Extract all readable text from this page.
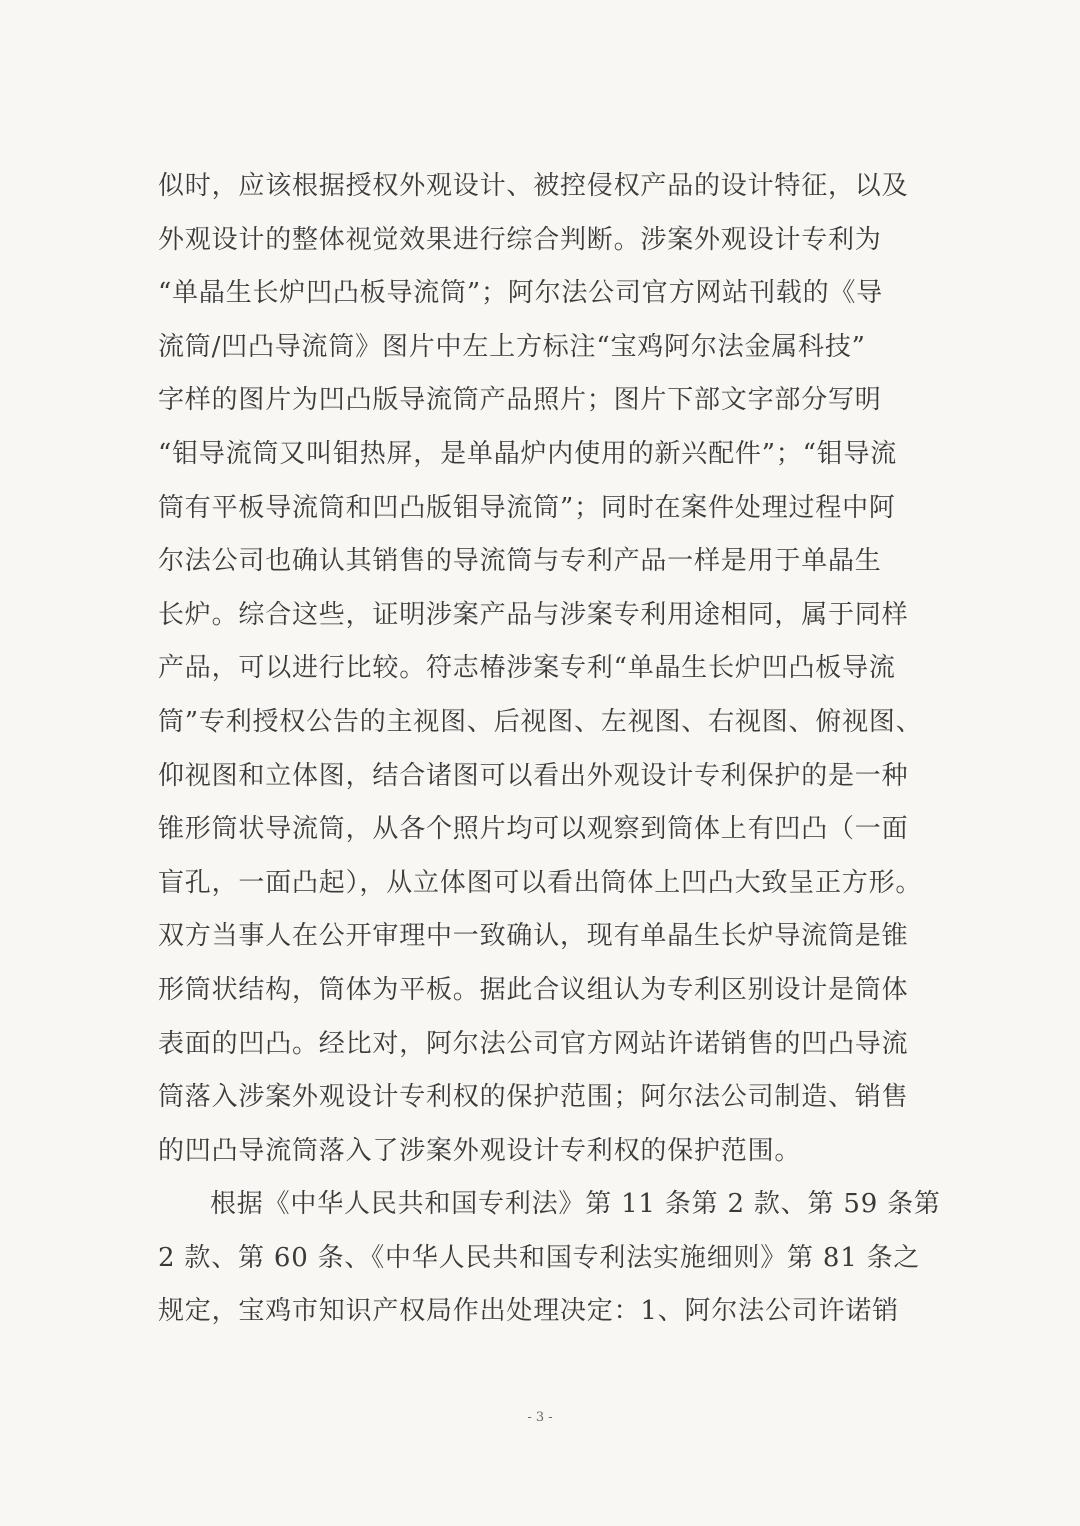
似时，应该根据授权外观设计、被控侵权产品的设计特征，以及
外观设计的整体视觉效果进行综合判断。涉案外观设计专利为
“单晶生长炉凹凸板导流筒”；阿尔法公司官方网站刊载的《导
流筒/凹凸导流筒》图片中左上方标注“宝鸡阿尔法金属科技”
字样的图片为凹凸版导流筒产品照片；图片下部文字部分写明
“钼导流筒又叫钼热屏，是单晶炉内使用的新兴配件”；“钼导流
筒有平板导流筒和凹凸版钼导流筒”；同时在案件处理过程中阿
尔法公司也确认其销售的导流筒与专利产品一样是用于单晶生
长炉。综合这些，证明涉案产品与涉案专利用途相同，属于同样
产品，可以进行比较。符志椿涉案专利“单晶生长炉凹凸板导流
筒”专利授权公告的主视图、后视图、左视图、右视图、俯视图、
仰视图和立体图，结合诸图可以看出外观设计专利保护的是一种
锥形筒状导流筒，从各个照片均可以观察到筒体上有凹凸（一面
盲孔，一面凸起），从立体图可以看出筒体上凹凸大致呈正方形。
双方当事人在公开审理中一致确认，现有单晶生长炉导流筒是锥
形筒状结构，筒体为平板。据此合议组认为专利区别设计是筒体
表面的凹凸。经比对，阿尔法公司官方网站许诺销售的凹凸导流
筒落入涉案外观设计专利权的保护范围；阿尔法公司制造、销售
的凹凸导流筒落入了涉案外观设计专利权的保护范围。
根据《中华人民共和国专利法》第 11 条第 2 款、第 59 条第
2 款、第 60 条、《中华人民共和国专利法实施细则》第 81 条之
规定，宝鸡市知识产权局作出处理决定：1、阿尔法公司许诺销
- 3 -
